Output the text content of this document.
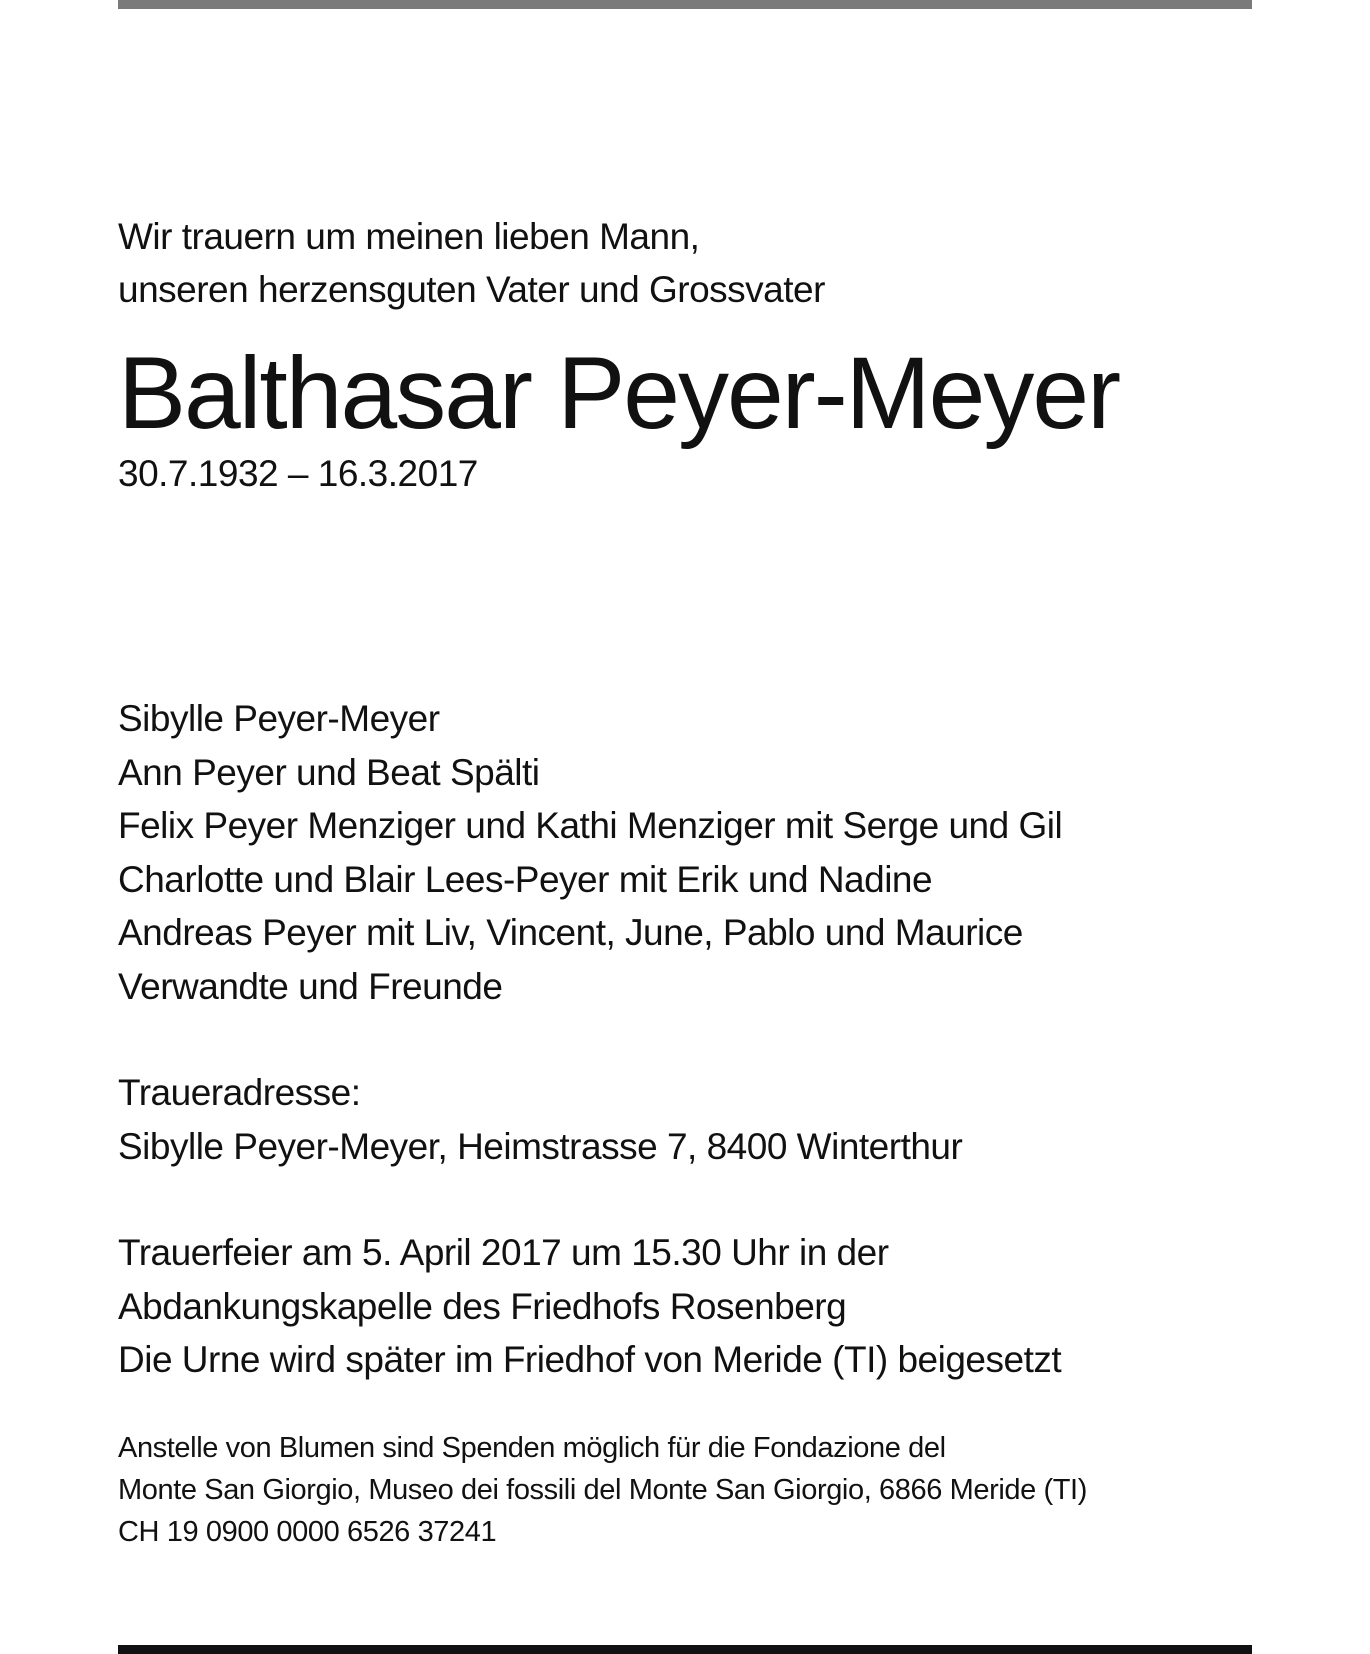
Wir trauern um meinen lieben Mann,
unseren herzensguten Vater und Grossvater
Balthasar Peyer-Meyer
30.7.1932 – 16.3.2017
Sibylle Peyer-Meyer
Ann Peyer und Beat Spälti
Felix Peyer Menziger und Kathi Menziger mit Serge und Gil
Charlotte und Blair Lees-Peyer mit Erik und Nadine
Andreas Peyer mit Liv, Vincent, June, Pablo und Maurice
Verwandte und Freunde
Traueradresse:
Sibylle Peyer-Meyer, Heimstrasse 7, 8400 Winterthur
Trauerfeier am 5. April 2017 um 15.30 Uhr in der
Abdankungskapelle des Friedhofs Rosenberg
Die Urne wird später im Friedhof von Meride (TI) beigesetzt
Anstelle von Blumen sind Spenden möglich für die Fondazione del
Monte San Giorgio, Museo dei fossili del Monte San Giorgio, 6866 Meride (TI)
CH 19 0900 0000 6526 37241
